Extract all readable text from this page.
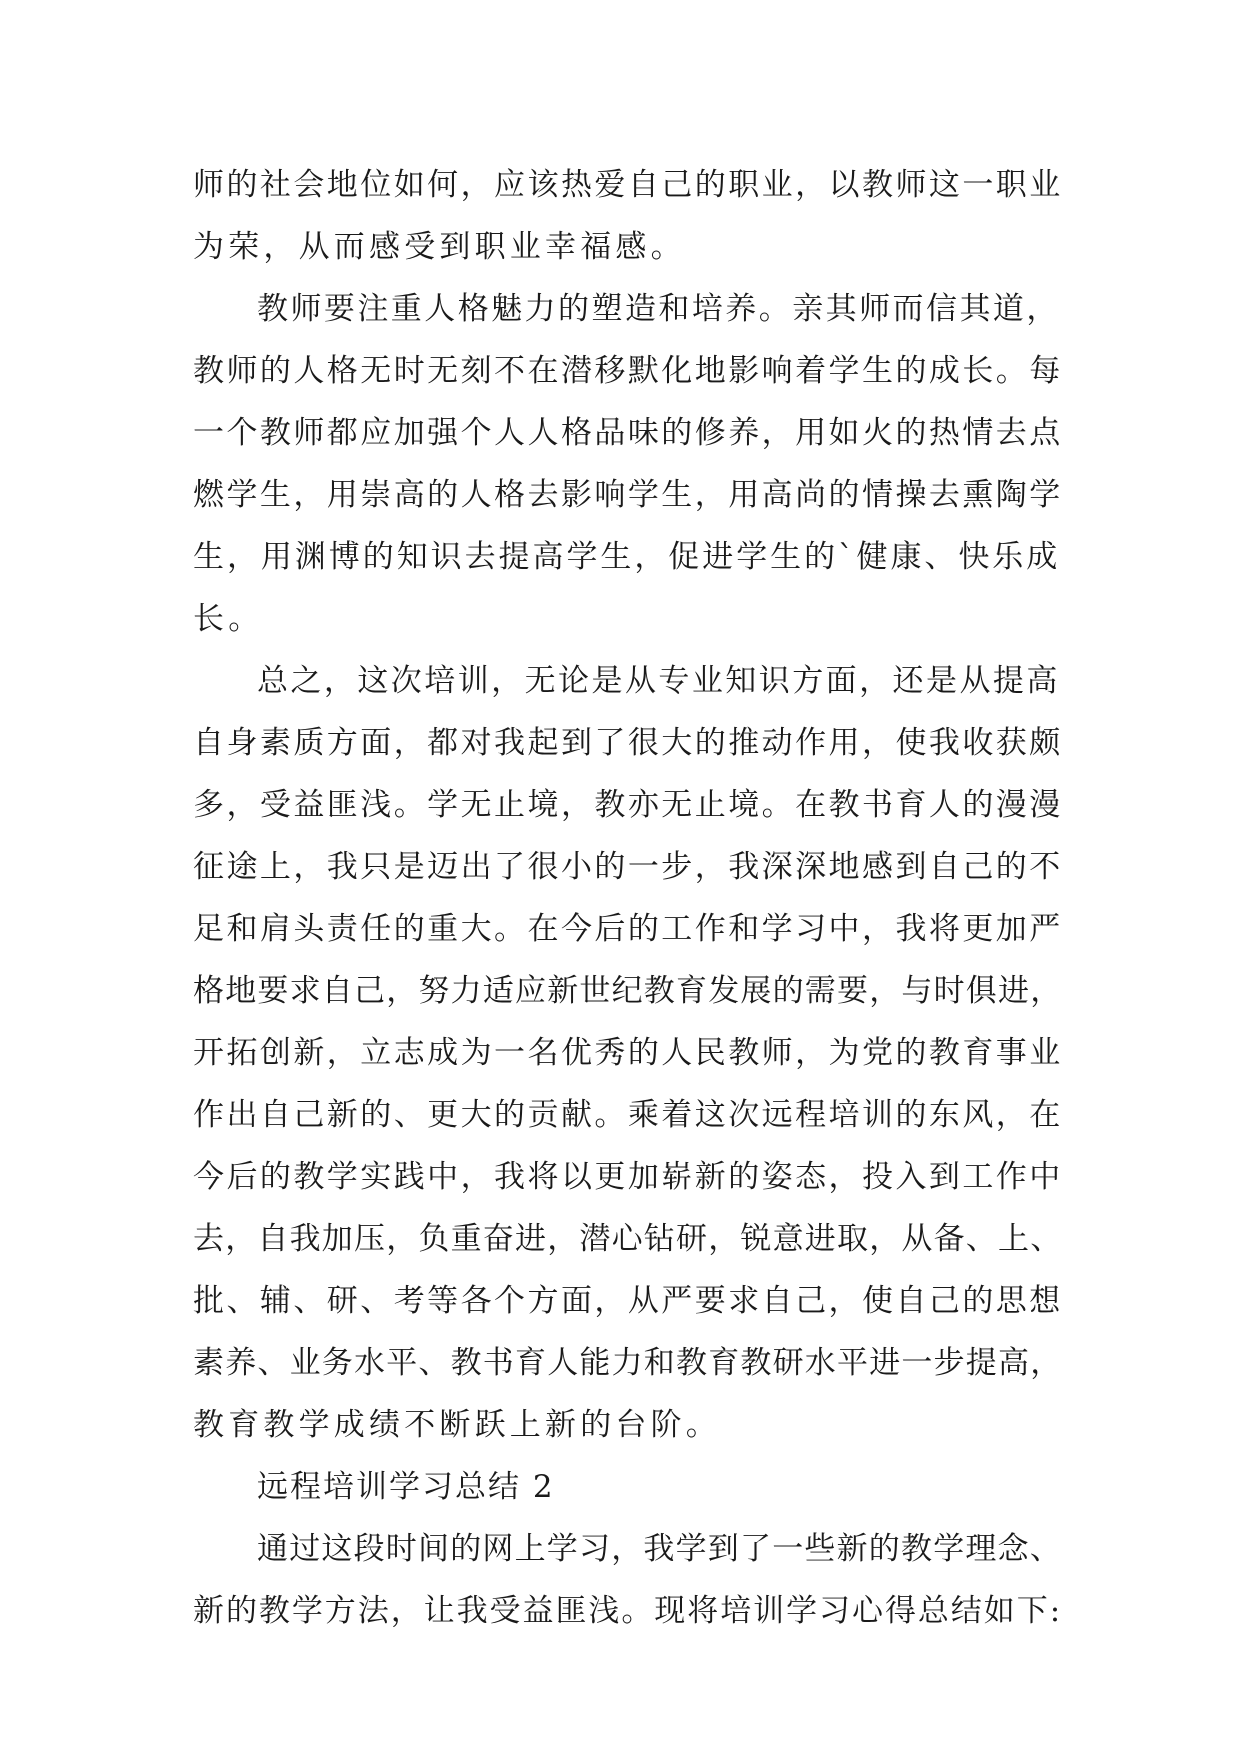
师的社会地位如何，应该热爱自己的职业，以教师这一职业
为荣，从而感受到职业幸福感。
教师要注重人格魅力的塑造和培养。亲其师而信其道，
教师的人格无时无刻不在潜移默化地影响着学生的成长。每
一个教师都应加强个人人格品味的修养，用如火的热情去点
燃学生，用崇高的人格去影响学生，用高尚的情操去熏陶学
生，用渊博的知识去提高学生，促进学生的`健康、快乐成
长。
总之，这次培训，无论是从专业知识方面，还是从提高
自身素质方面，都对我起到了很大的推动作用，使我收获颇
多，受益匪浅。学无止境，教亦无止境。在教书育人的漫漫
征途上，我只是迈出了很小的一步，我深深地感到自己的不
足和肩头责任的重大。在今后的工作和学习中，我将更加严
格地要求自己，努力适应新世纪教育发展的需要，与时俱进，
开拓创新，立志成为一名优秀的人民教师，为党的教育事业
作出自己新的、更大的贡献。乘着这次远程培训的东风，在
今后的教学实践中，我将以更加崭新的姿态，投入到工作中
去，自我加压，负重奋进，潜心钻研，锐意进取，从备、上、
批、辅、研、考等各个方面，从严要求自己，使自己的思想
素养、业务水平、教书育人能力和教育教研水平进一步提高，
教育教学成绩不断跃上新的台阶。
远程培训学习总结 2
通过这段时间的网上学习，我学到了一些新的教学理念、
新的教学方法，让我受益匪浅。现将培训学习心得总结如下:
